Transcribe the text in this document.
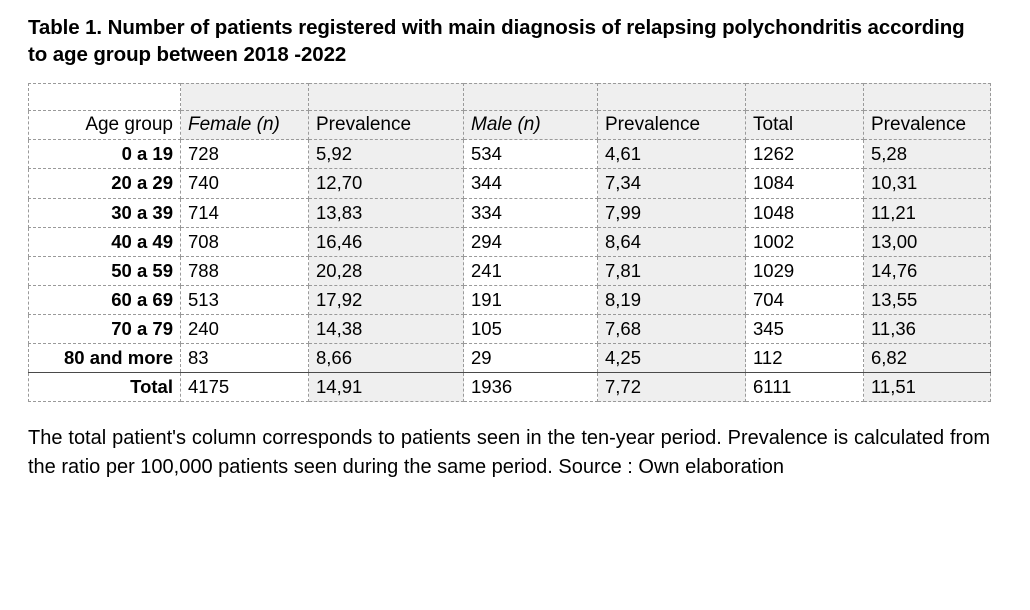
Table 1. Number of patients registered with main diagnosis of relapsing polychondritis according to age group between 2018 -2022

Age group	Female (n)	Prevalence	Male (n)	Prevalence	Total	Prevalence
0 a 19	728	5,92	534	4,61	1262	5,28
20 a 29	740	12,70	344	7,34	1084	10,31
30 a 39	714	13,83	334	7,99	1048	11,21
40 a 49	708	16,46	294	8,64	1002	13,00
50 a 59	788	20,28	241	7,81	1029	14,76
60 a 69	513	17,92	191	8,19	704	13,55
70 a 79	240	14,38	105	7,68	345	11,36
80 and more	83	8,66	29	4,25	112	6,82
Total	4175	14,91	1936	7,72	6111	11,51
The total patient's column corresponds to patients seen in the ten-year period. Prevalence is calculated from the ratio per 100,000 patients seen during the same period. Source : Own elaboration
